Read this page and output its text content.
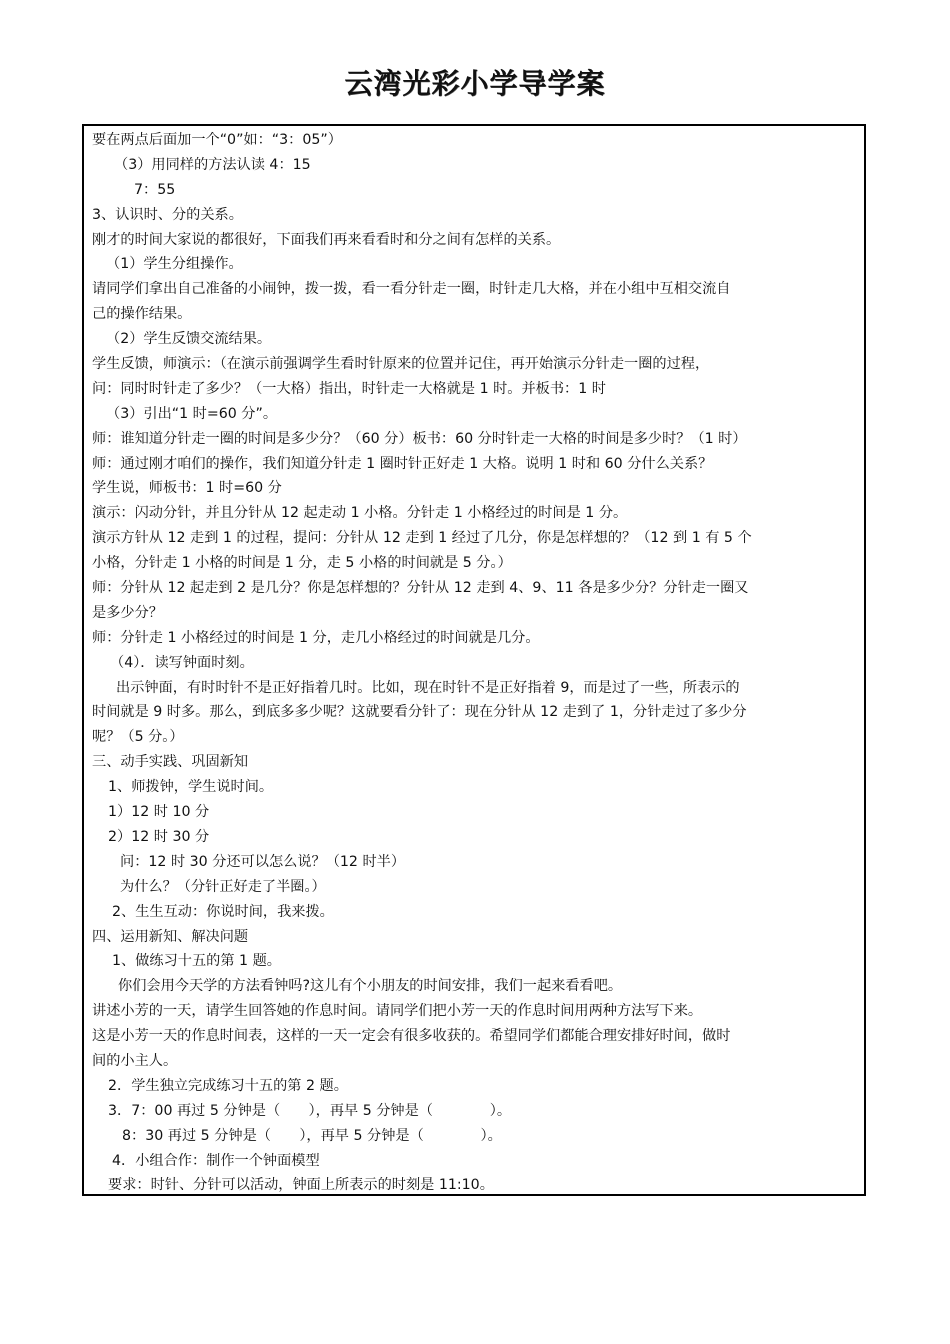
云湾光彩小学导学案
要在两点后面加一个“0”如：“3：05”）
（3）用同样的方法认读 4：15
7：55
3、认识时、分的关系。
刚才的时间大家说的都很好，下面我们再来看看时和分之间有怎样的关系。
（1）学生分组操作。
请同学们拿出自己准备的小闹钟，拨一拨，看一看分针走一圈，时针走几大格，并在小组中互相交流自
己的操作结果。
（2）学生反馈交流结果。
学生反馈，师演示：（在演示前强调学生看时针原来的位置并记住，再开始演示分针走一圈的过程，
问：同时时针走了多少？（一大格）指出，时针走一大格就是 1 时。并板书：1 时
（3）引出“1 时=60 分”。
师：谁知道分针走一圈的时间是多少分？（60 分）板书：60 分时针走一大格的时间是多少时？（1 时）
师：通过刚才咱们的操作，我们知道分针走 1 圈时针正好走 1 大格。说明 1 时和 60 分什么关系？
学生说，师板书：1 时=60 分
演示：闪动分针，并且分针从 12 起走动 1 小格。分针走 1 小格经过的时间是 1 分。
演示方针从 12 走到 1 的过程，提问：分针从 12 走到 1 经过了几分，你是怎样想的？（12 到 1 有 5 个
小格，分针走 1 小格的时间是 1 分，走 5 小格的时间就是 5 分。）
师：分针从 12 起走到 2 是几分？你是怎样想的？分针从 12 走到 4、9、11 各是多少分？分针走一圈又
是多少分？
师：分针走 1 小格经过的时间是 1 分，走几小格经过的时间就是几分。
（4）．读写钟面时刻。
出示钟面，有时时针不是正好指着几时。比如，现在时针不是正好指着 9，而是过了一些，所表示的
时间就是 9 时多。那么，到底多多少呢？这就要看分针了：现在分针从 12 走到了 1，分针走过了多少分
呢？（5 分。）
三、动手实践、巩固新知
1、师拨钟，学生说时间。
1）12 时 10 分
2）12 时 30 分
问：12 时 30 分还可以怎么说？（12 时半）
为什么？（分针正好走了半圈。）
2、生生互动：你说时间，我来拨。
四、运用新知、解决问题
1、做练习十五的第 1 题。
你们会用今天学的方法看钟吗?这儿有个小朋友的时间安排，我们一起来看看吧。
讲述小芳的一天，请学生回答她的作息时间。请同学们把小芳一天的作息时间用两种方法写下来。
这是小芳一天的作息时间表，这样的一天一定会有很多收获的。希望同学们都能合理安排好时间，做时
间的小主人。
2．学生独立完成练习十五的第 2 题。
3．7：00 再过 5 分钟是（　　），再早 5 分钟是（　　　　）。
8：30 再过 5 分钟是（　　），再早 5 分钟是（　　　　）。
4．小组合作：制作一个钟面模型
要求：时针、分针可以活动，钟面上所表示的时刻是 11:10。
